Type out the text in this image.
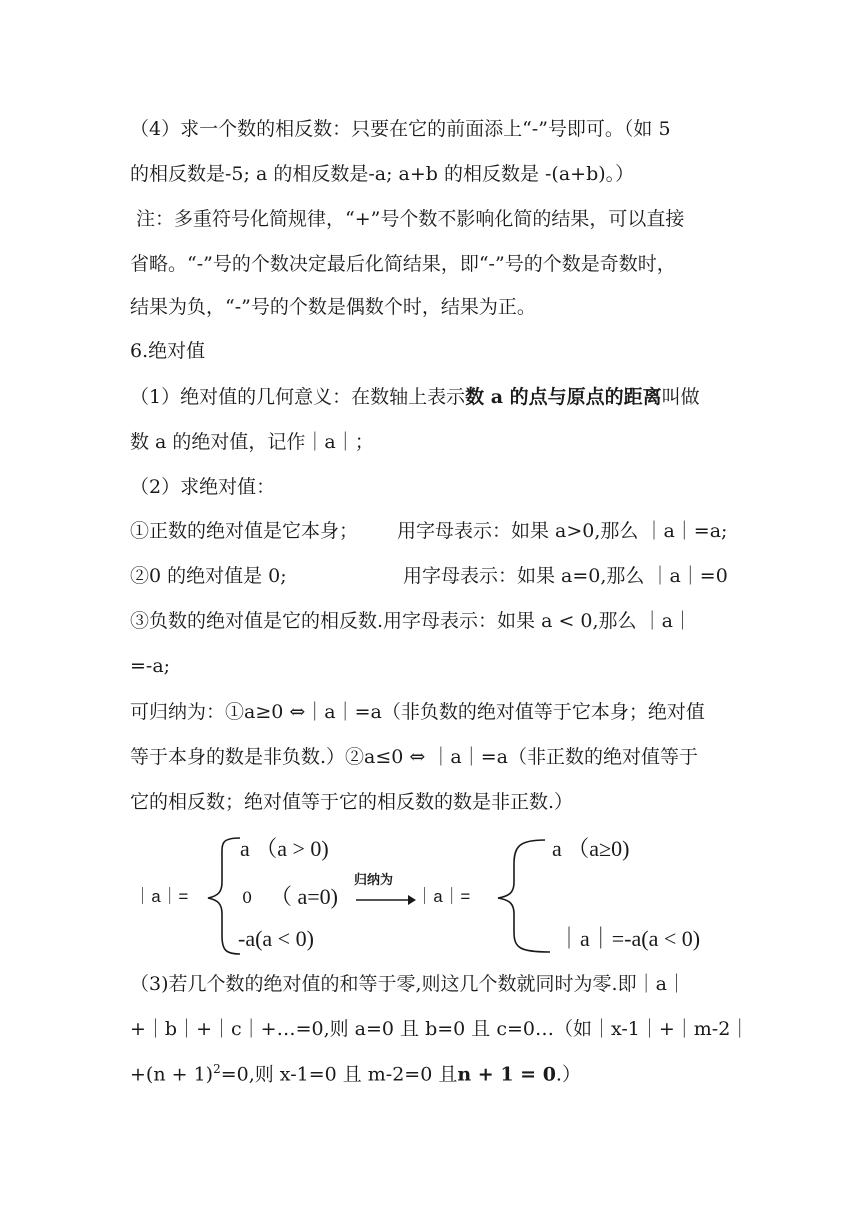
（4）求一个数的相反数：只要在它的前面添上“-”号即可。（如 5
的相反数是-5; a 的相反数是-a; a+b 的相反数是 -(a+b)。）
注：多重符号化简规律，“+”号个数不影响化简的结果，可以直接
省略。“-”号的个数决定最后化简结果，即“-”号的个数是奇数时，
结果为负，“-”号的个数是偶数个时，结果为正。
6.绝对值
（1）绝对值的几何意义：在数轴上表示数 a 的点与原点的距离叫做
数 a 的绝对值，记作｜a｜；
（2）求绝对值：
①正数的绝对值是它本身； 用字母表示：如果 a>0,那么 ｜a｜=a;
②0 的绝对值是 0;	用字母表示：如果 a=0,那么 ｜a｜=0
③负数的绝对值是它的相反数.用字母表示：如果 a < 0,那么 ｜a｜
=-a;
可归纳为：①a≥0 ⇔｜a｜=a（非负数的绝对值等于它本身；绝对值
等于本身的数是非负数.）②a≤0 ⇔ ｜a｜=a（非正数的绝对值等于
它的相反数；绝对值等于它的相反数的数是非正数.）
｜a｜=
a （a > 0)
0 （ a=0)
-a(a < 0)
归纳为
｜a｜=
a （a≥0)
｜a｜=-a(a < 0)
（3)若几个数的绝对值的和等于零,则这几个数就同时为零.即｜a｜
+｜b｜+｜c｜+…=0,则 a=0 且 b=0 且 c=0…（如｜x-1｜+｜m-2｜
$+(n + 1)^2=0$,则 x-1=0 且 m-2=0 且n + 1 = 0.）
